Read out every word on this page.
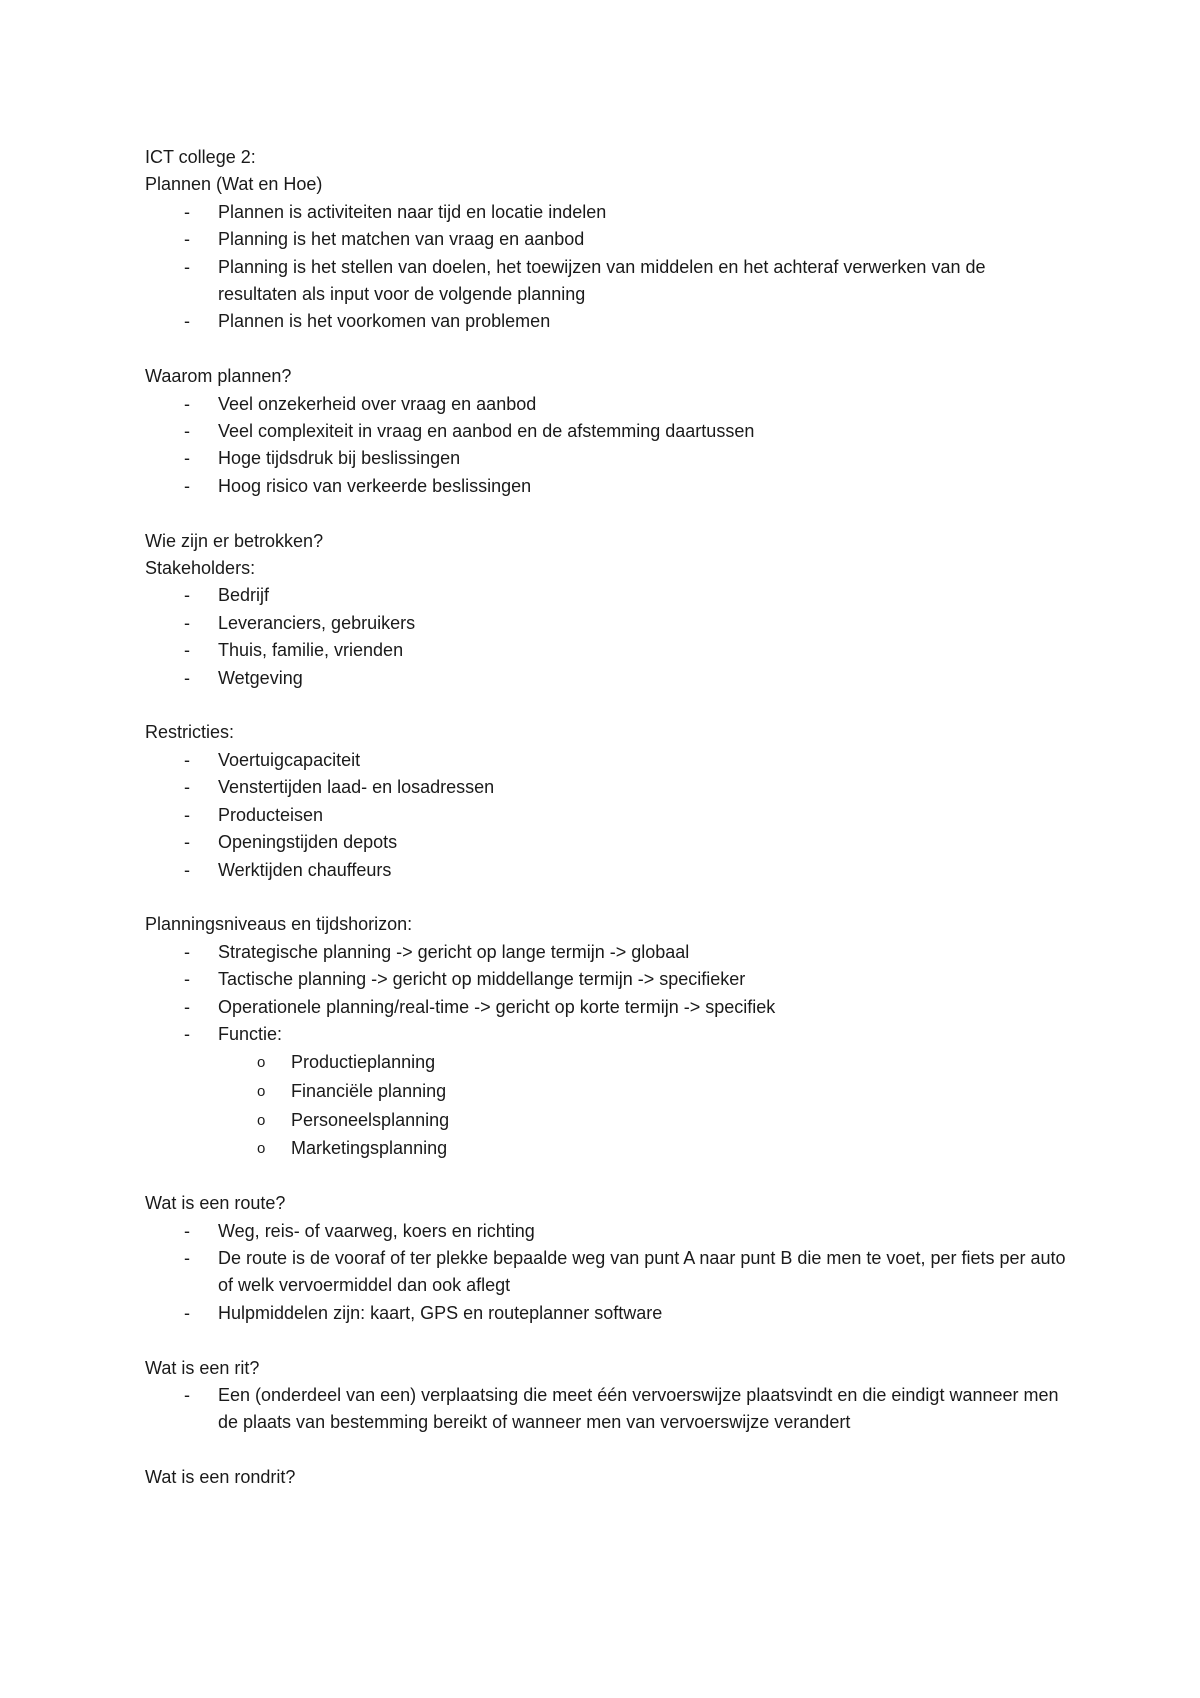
ICT college 2:

Plannen (Wat en Hoe)

- Plannen is activiteiten naar tijd en locatie indelen
- Planning is het matchen van vraag en aanbod
- Planning is het stellen van doelen, het toewijzen van middelen en het achteraf verwerken van de resultaten als input voor de volgende planning
- Plannen is het voorkomen van problemen

Waarom plannen?

- Veel onzekerheid over vraag en aanbod
- Veel complexiteit in vraag en aanbod en de afstemming daartussen
- Hoge tijdsdruk bij beslissingen
- Hoog risico van verkeerde beslissingen

Wie zijn er betrokken?

Stakeholders:

- Bedrijf
- Leveranciers, gebruikers
- Thuis, familie, vrienden
- Wetgeving

Restricties:

- Voertuigcapaciteit
- Venstertijden laad- en losadressen
- Producteisen
- Openingstijden depots
- Werktijden chauffeurs

Planningsniveaus en tijdshorizon:

- Strategische planning -> gericht op lange termijn -> globaal
- Tactische planning -> gericht op middellange termijn -> specifieker
- Operationele planning/real-time -> gericht op korte termijn -> specifiek
- Functie:
o Productieplanning
o Financiële planning
o Personeelsplanning
o Marketingsplanning

Wat is een route?

- Weg, reis- of vaarweg, koers en richting
- De route is de vooraf of ter plekke bepaalde weg van punt A naar punt B die men te voet, per fiets per auto of welk vervoermiddel dan ook aflegt
- Hulpmiddelen zijn: kaart, GPS en routeplanner software

Wat is een rit?

- Een (onderdeel van een) verplaatsing die meet één vervoerswijze plaatsvindt en die eindigt wanneer men de plaats van bestemming bereikt of wanneer men van vervoerswijze verandert

Wat is een rondrit?
